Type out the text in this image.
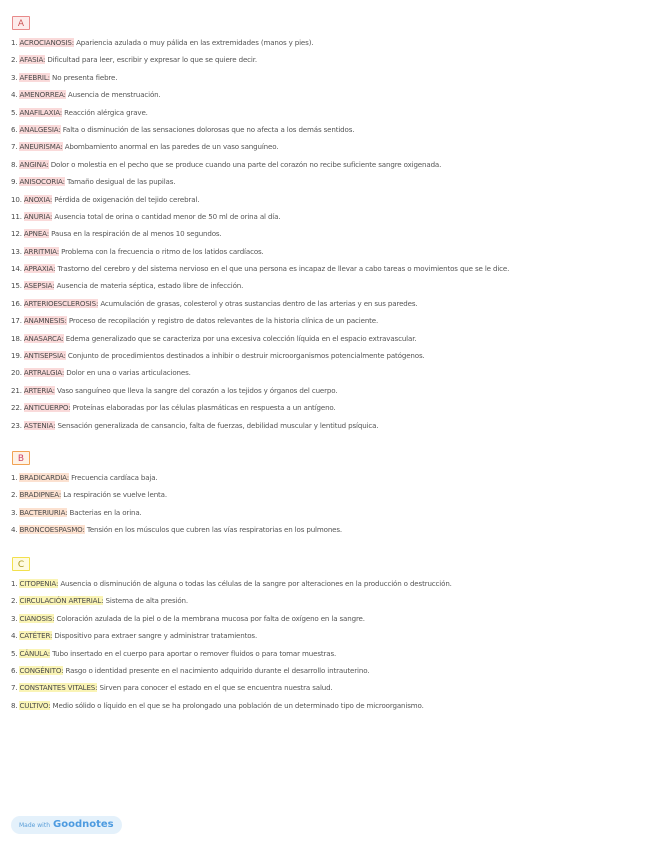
A
1. ACROCIANOSIS: Apariencia azulada o muy pálida en las extremidades (manos y pies).
2. AFASIA: Dificultad para leer, escribir y expresar lo que se quiere decir.
3. AFEBRIL: No presenta fiebre.
4. AMENORREA: Ausencia de menstruación.
5. ANAFILAXIA: Reacción alérgica grave.
6. ANALGESIA: Falta o disminución de las sensaciones dolorosas que no afecta a los demás sentidos.
7. ANEURISMA: Abombamiento anormal en las paredes de un vaso sanguíneo.
8. ANGINA: Dolor o molestia en el pecho que se produce cuando una parte del corazón no recibe suficiente sangre oxigenada.
9. ANISOCORIA: Tamaño desigual de las pupilas.
10. ANOXIA: Pérdida de oxigenación del tejido cerebral.
11. ANURIA: Ausencia total de orina o cantidad menor de 50 ml de orina al día.
12. APNEA: Pausa en la respiración de al menos 10 segundos.
13. ARRITMIA: Problema con la frecuencia o ritmo de los latidos cardíacos.
14. APRAXIA: Trastorno del cerebro y del sistema nervioso en el que una persona es incapaz de llevar a cabo tareas o movimientos que se le dice.
15. ASEPSIA: Ausencia de materia séptica, estado libre de infección.
16. ARTERIOESCLEROSIS: Acumulación de grasas, colesterol y otras sustancias dentro de las arterias y en sus paredes.
17. ANAMNESIS: Proceso de recopilación y registro de datos relevantes de la historia clínica de un paciente.
18. ANASARCA: Edema generalizado que se caracteriza por una excesiva colección líquida en el espacio extravascular.
19. ANTISEPSIA: Conjunto de procedimientos destinados a inhibir o destruir microorganismos potencialmente patógenos.
20. ARTRALGIA: Dolor en una o varias articulaciones.
21. ARTERIA: Vaso sanguíneo que lleva la sangre del corazón a los tejidos y órganos del cuerpo.
22. ANTICUERPO: Proteínas elaboradas por las células plasmáticas en respuesta a un antígeno.
23. ASTENIA: Sensación generalizada de cansancio, falta de fuerzas, debilidad muscular y lentitud psíquica.
B
1. BRADICARDIA: Frecuencia cardíaca baja.
2. BRADIPNEA: La respiración se vuelve lenta.
3. BACTERIURIA: Bacterias en la orina.
4. BRONCOESPASMO: Tensión en los músculos que cubren las vías respiratorias en los pulmones.
C
1. CITOPENIA: Ausencia o disminución de alguna o todas las células de la sangre por alteraciones en la producción o destrucción.
2. CIRCULACIÓN ARTERIAL: Sistema de alta presión.
3. CIANOSIS: Coloración azulada de la piel o de la membrana mucosa por falta de oxígeno en la sangre.
4. CATÉTER: Dispositivo para extraer sangre y administrar tratamientos.
5. CÁNULA: Tubo insertado en el cuerpo para aportar o remover fluidos o para tomar muestras.
6. CONGÉNITO: Rasgo o identidad presente en el nacimiento adquirido durante el desarrollo intrauterino.
7. CONSTANTES VITALES: Sirven para conocer el estado en el que se encuentra nuestra salud.
8. CULTIVO: Medio sólido o líquido en el que se ha prolongado una población de un determinado tipo de microorganismo.
Made with Goodnotes
